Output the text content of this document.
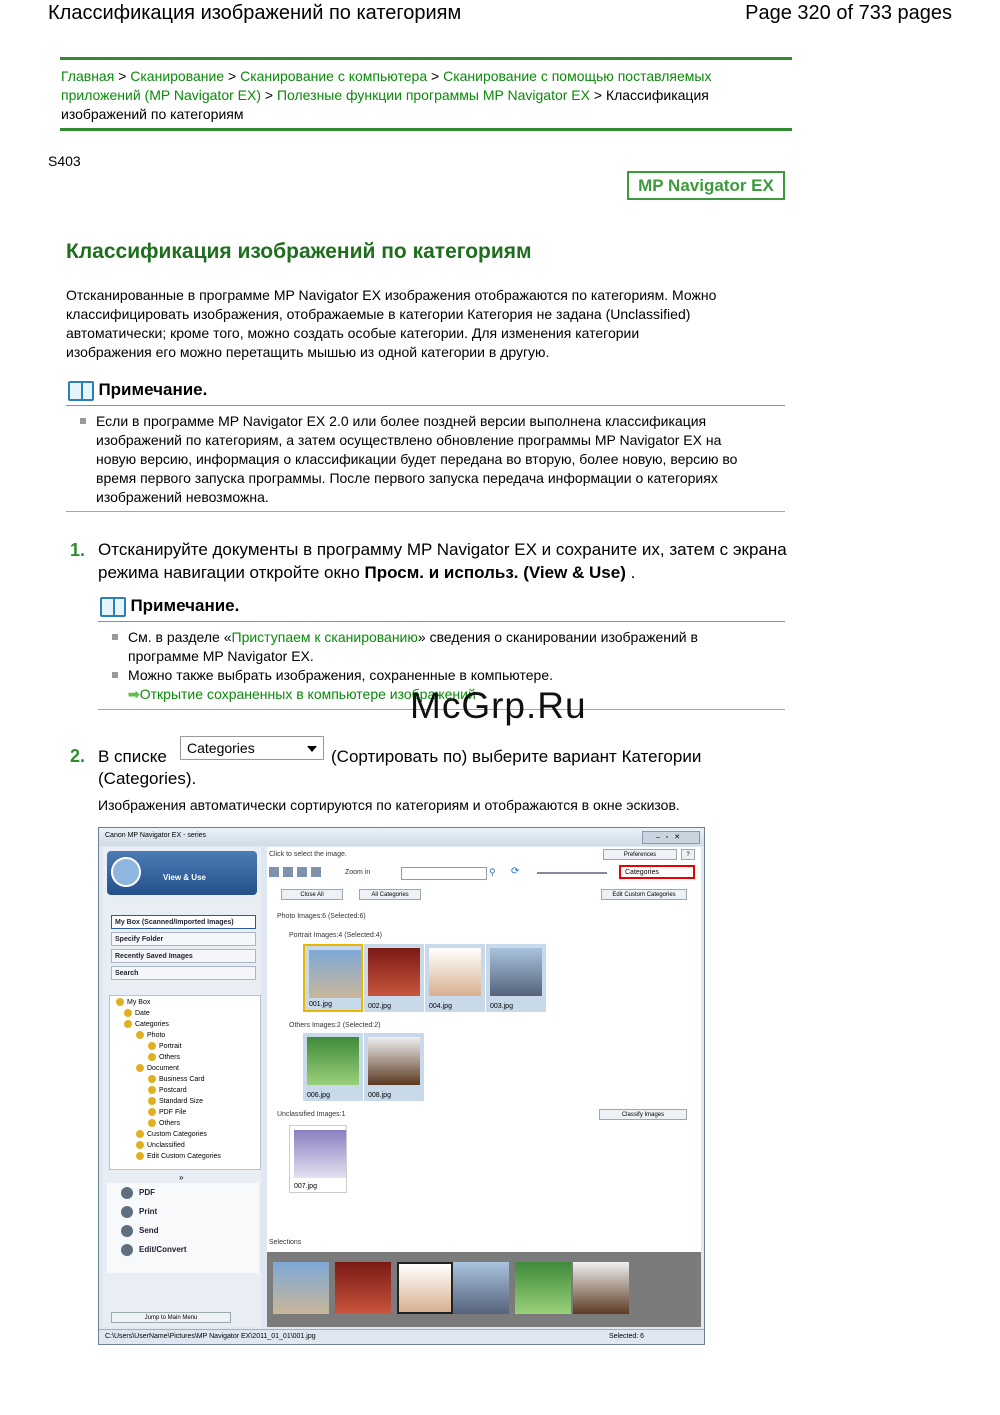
Классификация изображений по категориям	Page 320 of 733 pages
Главная > Сканирование > Сканирование с компьютера > Сканирование с помощью поставляемых приложений (MP Navigator EX) > Полезные функции программы MP Navigator EX > Классификация изображений по категориям
S403
MP Navigator EX
Классификация изображений по категориям
Отсканированные в программе MP Navigator EX изображения отображаются по категориям. Можно классифицировать изображения, отображаемые в категории Категория не задана (Unclassified) автоматически; кроме того, можно создать особые категории. Для изменения категории изображения его можно перетащить мышью из одной категории в другую.
Примечание.
Если в программе MP Navigator EX 2.0 или более поздней версии выполнена классификация изображений по категориям, а затем осуществлено обновление программы MP Navigator EX на новую версию, информация о классификации будет передана во вторую, более новую, версию во время первого запуска программы. После первого запуска передача информации о категориях изображений невозможна.
1. Отсканируйте документы в программу MP Navigator EX и сохраните их, затем с экрана режима навигации откройте окно Просм. и использ. (View & Use) .
Примечание.
См. в разделе «Приступаем к сканированию» сведения о сканировании изображений в программе MP Navigator EX.
Можно также выбрать изображения, сохраненные в компьютере.
➡Открытие сохраненных в компьютере изображений
McGrp.Ru
2. В списке	Categories	(Сортировать по) выберите вариант Категории
(Categories).
Изображения автоматически сортируются по категориям и отображаются в окне эскизов.
Canon MP Navigator EX - series	‒▫✕
View & Use
My Box (Scanned/Imported Images)
Specify Folder
Recently Saved Images
Search
My Box
Date
Categories
Photo
Portrait
Others
Document
Business Card
Postcard
Standard Size
PDF File
Others
Custom Categories
Unclassified
Edit Custom Categories
»
PDF
Print
Send
Edit/Convert
Jump to Main Menu
Click to select the image.	Preferences	?
Zoom in	⚲ ⟳	Categories
Close All	All Categories	Edit Custom Categories
Photo Images:6 (Selected:6)
Portrait Images:4 (Selected:4)
001.jpg	002.jpg	004.jpg	003.jpg
Others Images:2 (Selected:2)
006.jpg	008.jpg
Unclassified Images:1	Classify Images
007.jpg
Selections
C:\Users\UserName\Pictures\MP Navigator EX\2011_01_01\001.jpg	Selected: 6
